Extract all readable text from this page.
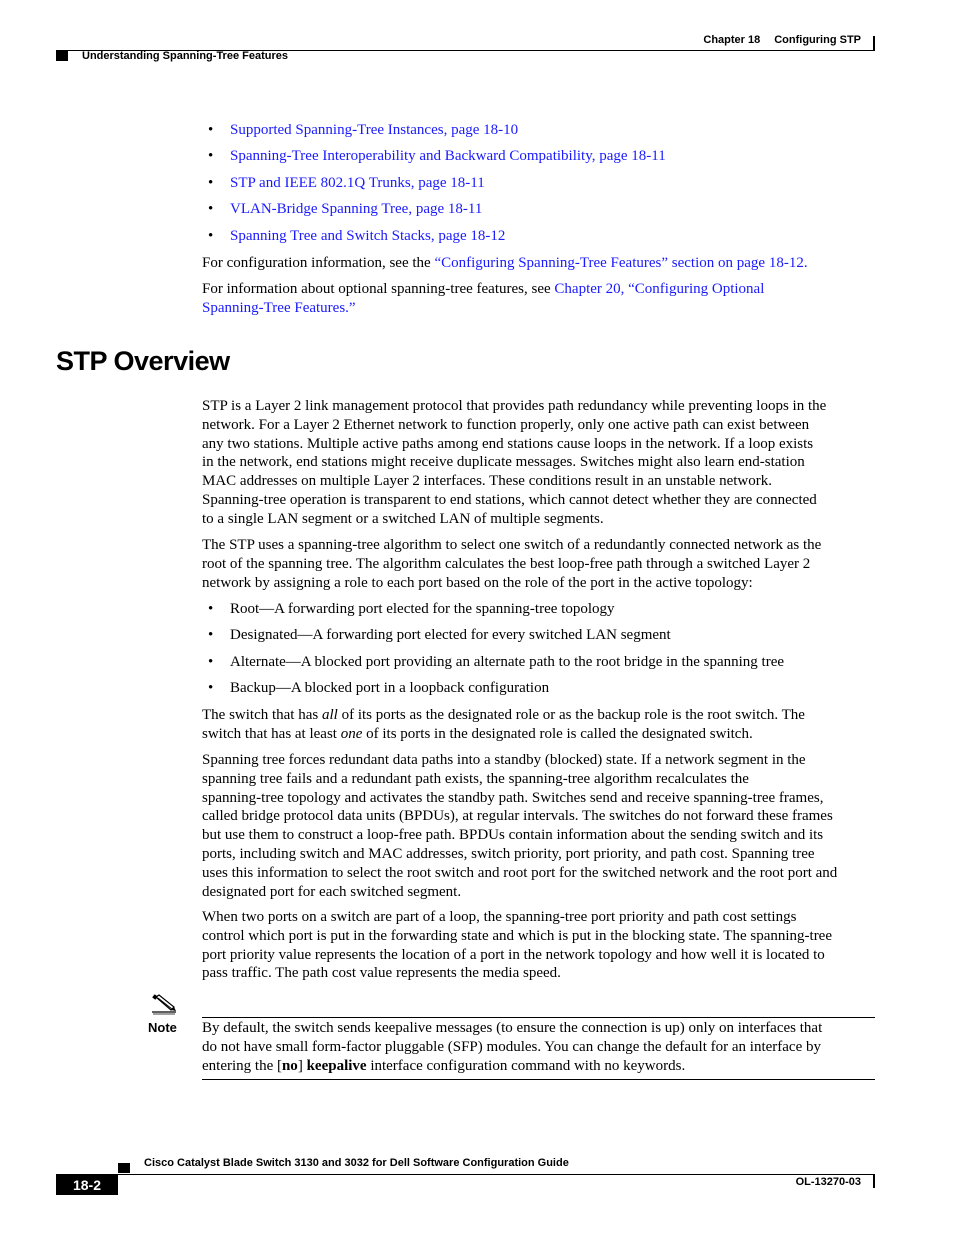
Chapter 18 Configuring STP
Understanding Spanning-Tree Features
• Supported Spanning-Tree Instances, page 18-10
• Spanning-Tree Interoperability and Backward Compatibility, page 18-11
• STP and IEEE 802.1Q Trunks, page 18-11
• VLAN-Bridge Spanning Tree, page 18-11
• Spanning Tree and Switch Stacks, page 18-12
For configuration information, see the “Configuring Spanning-Tree Features” section on page 18-12.
For information about optional spanning-tree features, see Chapter 20, “Configuring Optional
Spanning-Tree Features.”
STP Overview
STP is a Layer 2 link management protocol that provides path redundancy while preventing loops in the
network. For a Layer 2 Ethernet network to function properly, only one active path can exist between
any two stations. Multiple active paths among end stations cause loops in the network. If a loop exists
in the network, end stations might receive duplicate messages. Switches might also learn end-station
MAC addresses on multiple Layer 2 interfaces. These conditions result in an unstable network.
Spanning-tree operation is transparent to end stations, which cannot detect whether they are connected
to a single LAN segment or a switched LAN of multiple segments.
The STP uses a spanning-tree algorithm to select one switch of a redundantly connected network as the
root of the spanning tree. The algorithm calculates the best loop-free path through a switched Layer 2
network by assigning a role to each port based on the role of the port in the active topology:
• Root—A forwarding port elected for the spanning-tree topology
• Designated—A forwarding port elected for every switched LAN segment
• Alternate—A blocked port providing an alternate path to the root bridge in the spanning tree
• Backup—A blocked port in a loopback configuration
The switch that has all of its ports as the designated role or as the backup role is the root switch. The
switch that has at least one of its ports in the designated role is called the designated switch.
Spanning tree forces redundant data paths into a standby (blocked) state. If a network segment in the
spanning tree fails and a redundant path exists, the spanning-tree algorithm recalculates the
spanning-tree topology and activates the standby path. Switches send and receive spanning-tree frames,
called bridge protocol data units (BPDUs), at regular intervals. The switches do not forward these frames
but use them to construct a loop-free path. BPDUs contain information about the sending switch and its
ports, including switch and MAC addresses, switch priority, port priority, and path cost. Spanning tree
uses this information to select the root switch and root port for the switched network and the root port and
designated port for each switched segment.
When two ports on a switch are part of a loop, the spanning-tree port priority and path cost settings
control which port is put in the forwarding state and which is put in the blocking state. The spanning-tree
port priority value represents the location of a port in the network topology and how well it is located to
pass traffic. The path cost value represents the media speed.
Note By default, the switch sends keepalive messages (to ensure the connection is up) only on interfaces that
do not have small form-factor pluggable (SFP) modules. You can change the default for an interface by
entering the [no] keepalive interface configuration command with no keywords.
Cisco Catalyst Blade Switch 3130 and 3032 for Dell Software Configuration Guide
18-2	OL-13270-03
